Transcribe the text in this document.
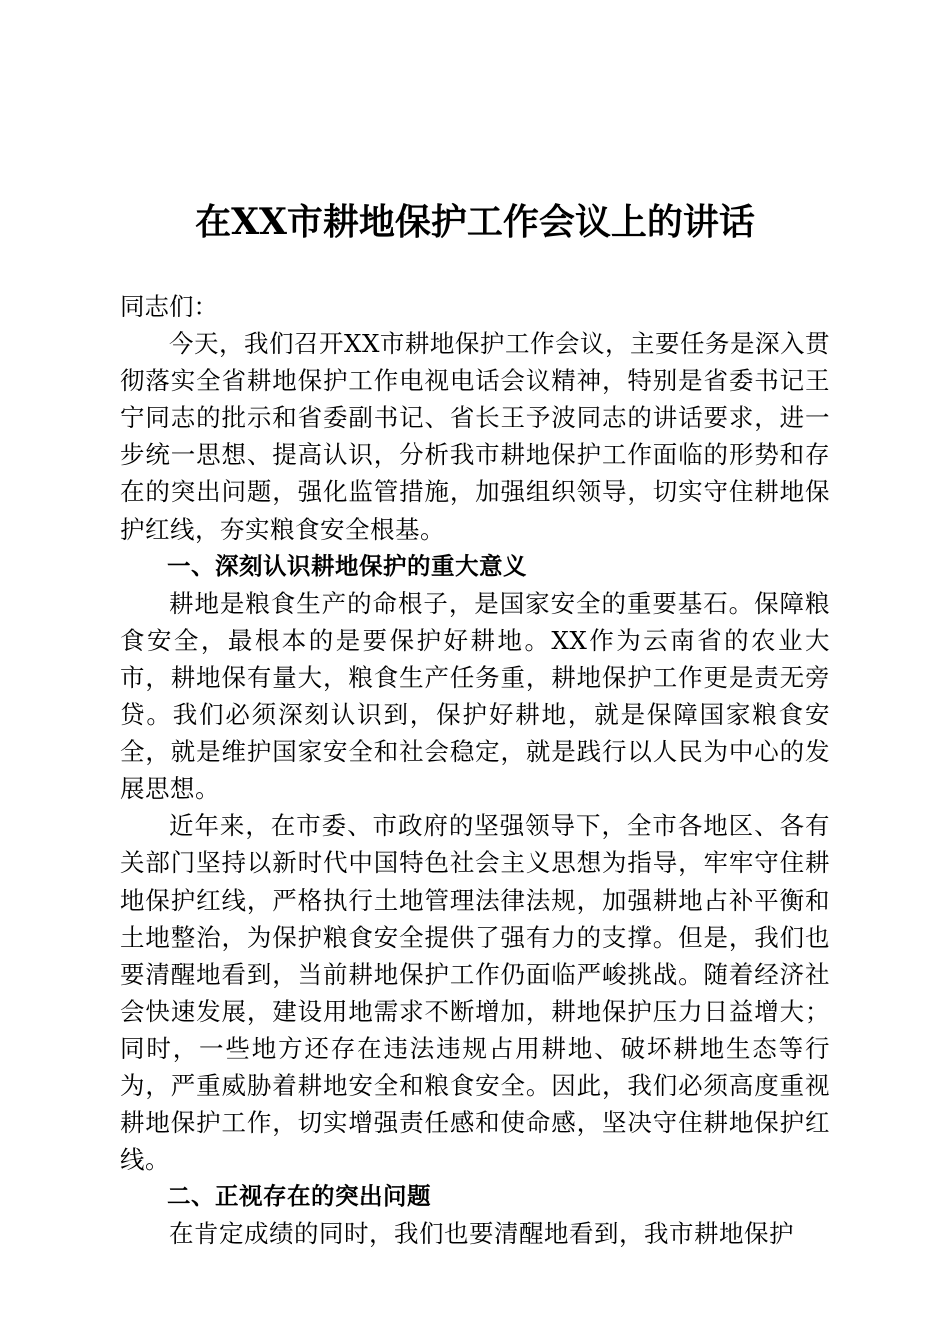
在XX市耕地保护工作会议上的讲话

同志们：

今天，我们召开XX市耕地保护工作会议，主要任务是深入贯彻落实全省耕地保护工作电视电话会议精神，特别是省委书记王宁同志的批示和省委副书记、省长王予波同志的讲话要求，进一步统一思想、提高认识，分析我市耕地保护工作面临的形势和存在的突出问题，强化监管措施，加强组织领导，切实守住耕地保护红线，夯实粮食安全根基。

一、深刻认识耕地保护的重大意义

耕地是粮食生产的命根子，是国家安全的重要基石。保障粮食安全，最根本的是要保护好耕地。XX作为云南省的农业大市，耕地保有量大，粮食生产任务重，耕地保护工作更是责无旁贷。我们必须深刻认识到，保护好耕地，就是保障国家粮食安全，就是维护国家安全和社会稳定，就是践行以人民为中心的发展思想。

近年来，在市委、市政府的坚强领导下，全市各地区、各有关部门坚持以新时代中国特色社会主义思想为指导，牢牢守住耕地保护红线，严格执行土地管理法律法规，加强耕地占补平衡和土地整治，为保护粮食安全提供了强有力的支撑。但是，我们也要清醒地看到，当前耕地保护工作仍面临严峻挑战。随着经济社会快速发展，建设用地需求不断增加，耕地保护压力日益增大；同时，一些地方还存在违法违规占用耕地、破坏耕地生态等行为，严重威胁着耕地安全和粮食安全。因此，我们必须高度重视耕地保护工作，切实增强责任感和使命感，坚决守住耕地保护红线。

二、正视存在的突出问题

在肯定成绩的同时，我们也要清醒地看到，我市耕地保护
